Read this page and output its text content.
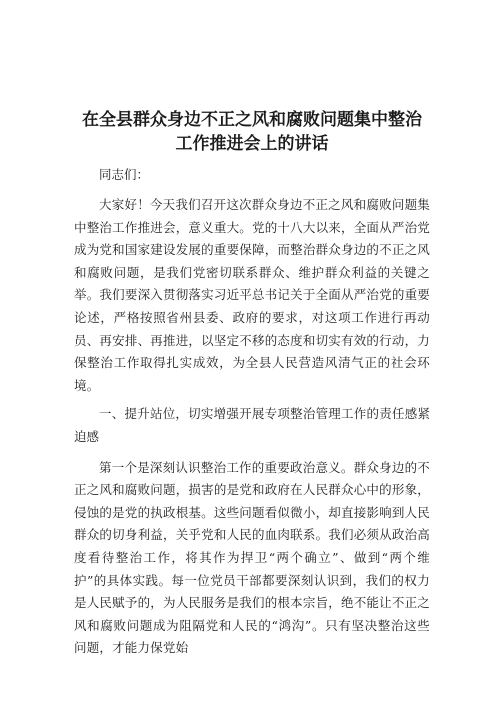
在全县群众身边不正之风和腐败问题集中整治
工作推进会上的讲话

同志们：

大家好！今天我们召开这次群众身边不正之风和腐败问题集中整治工作推进会，意义重大。党的十八大以来，全面从严治党成为党和国家建设发展的重要保障，而整治群众身边的不正之风和腐败问题，是我们党密切联系群众、维护群众利益的关键之举。我们要深入贯彻落实习近平总书记关于全面从严治党的重要论述，严格按照省州县委、政府的要求，对这项工作进行再动员、再安排、再推进，以坚定不移的态度和切实有效的行动，力保整治工作取得扎实成效，为全县人民营造风清气正的社会环境。

一、提升站位，切实增强开展专项整治管理工作的责任感紧迫感

第一个是深刻认识整治工作的重要政治意义。群众身边的不正之风和腐败问题，损害的是党和政府在人民群众心中的形象，侵蚀的是党的执政根基。这些问题看似微小，却直接影响到人民群众的切身利益，关乎党和人民的血肉联系。我们必须从政治高度看待整治工作，将其作为捍卫“两个确立”、做到“两个维护”的具体实践。每一位党员干部都要深刻认识到，我们的权力是人民赋予的，为人民服务是我们的根本宗旨，绝不能让不正之风和腐败问题成为阻隔党和人民的“鸿沟”。只有坚决整治这些问题，才能力保党始
